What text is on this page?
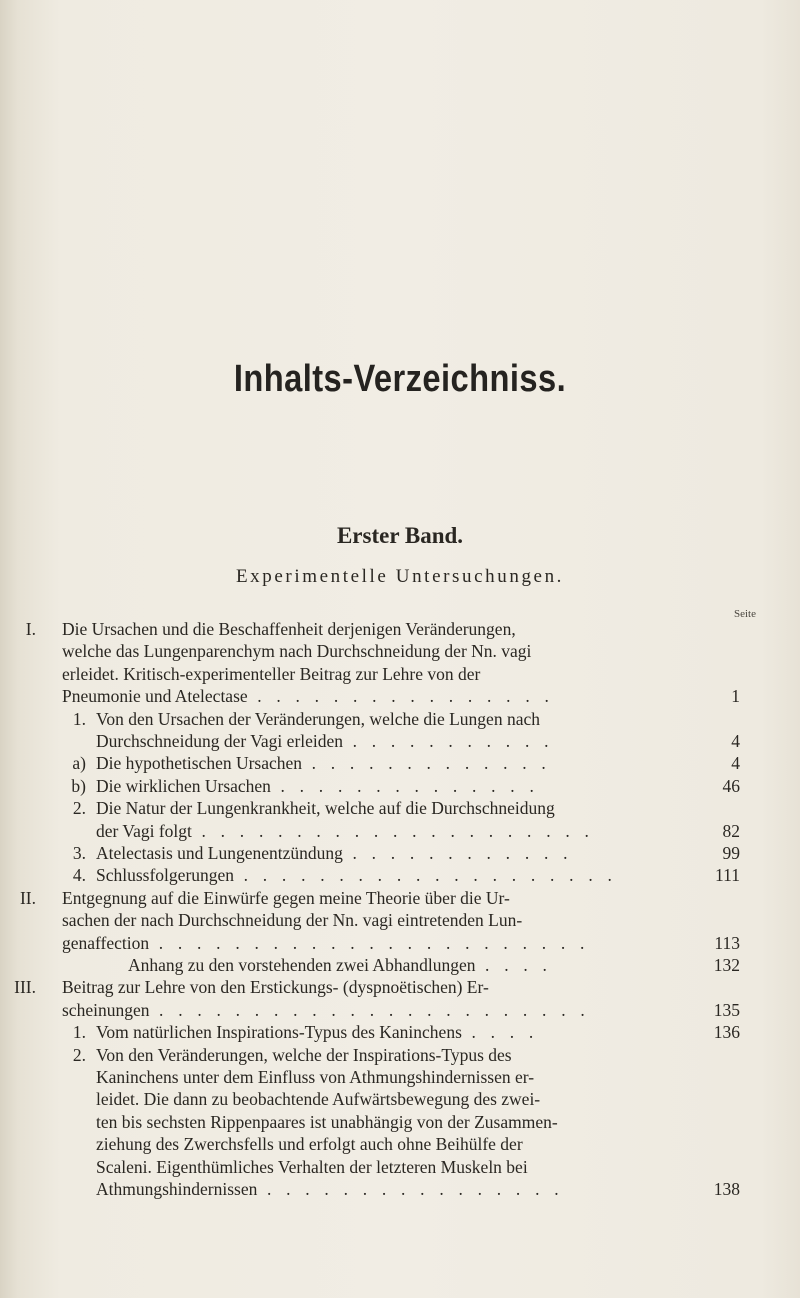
Inhalts-Verzeichniss.
Erster Band.
Experimentelle Untersuchungen.
Seite
I. Die Ursachen und die Beschaffenheit derjenigen Veränderungen,
welche das Lungenparenchym nach Durchschneidung der Nn. vagi
erleidet. Kritisch-experimenteller Beitrag zur Lehre von der
Pneumonie und Atelectase . . . . . . . . . . . . . . . .	1
1. Von den Ursachen der Veränderungen, welche die Lungen nach
Durchschneidung der Vagi erleiden . . . . . . . . . . .	4
a) Die hypothetischen Ursachen . . . . . . . . . . . . .	4
b) Die wirklichen Ursachen . . . . . . . . . . . . . .	46
2. Die Natur der Lungenkrankheit, welche auf die Durchschneidung
der Vagi folgt . . . . . . . . . . . . . . . . . . . . .	82
3. Atelectasis und Lungenentzündung . . . . . . . . . . . .	99
4. Schlussfolgerungen . . . . . . . . . . . . . . . . . . . .	111
II. Entgegnung auf die Einwürfe gegen meine Theorie über die Ur-
sachen der nach Durchschneidung der Nn. vagi eintretenden Lun-
genaffection . . . . . . . . . . . . . . . . . . . . . . .	113
Anhang zu den vorstehenden zwei Abhandlungen . . . .	132
III. Beitrag zur Lehre von den Erstickungs- (dyspnoëtischen) Er-
scheinungen . . . . . . . . . . . . . . . . . . . . . . .	135
1. Vom natürlichen Inspirations-Typus des Kaninchens . . . .	136
2. Von den Veränderungen, welche der Inspirations-Typus des
Kaninchens unter dem Einfluss von Athmungshindernissen er-
leidet. Die dann zu beobachtende Aufwärtsbewegung des zwei-
ten bis sechsten Rippenpaares ist unabhängig von der Zusammen-
ziehung des Zwerchsfells und erfolgt auch ohne Beihülfe der
Scaleni. Eigenthümliches Verhalten der letzteren Muskeln bei
Athmungshindernissen . . . . . . . . . . . . . . . .	138
